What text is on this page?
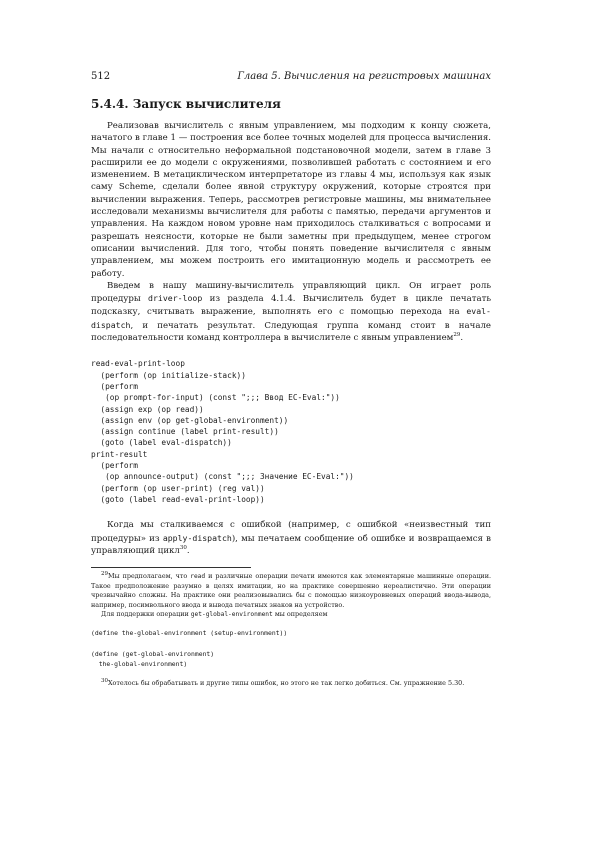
512	Глава 5. Вычисления на регистровых машинах
5.4.4. Запуск вычислителя

Реализовав вычислитель с явным управлением, мы подходим к концу сюжета, начатого в главе 1 — построения все более точных моделей для процесса вычисления. Мы начали с относительно неформальной подстановочной модели, затем в главе 3 расширили ее до модели с окружениями, позволившей работать с состоянием и его изменением. В метациклическом интерпретаторе из главы 4 мы, используя как язык саму Scheme, сделали более явной структуру окружений, которые строятся при вычислении выражения. Теперь, рассмотрев регистровые машины, мы внимательнее исследовали механизмы вычислителя для работы с памятью, передачи аргументов и управления. На каждом новом уровне нам приходилось сталкиваться с вопросами и разрешать неясности, которые не были заметны при предыдущем, менее строгом описании вычислений. Для того, чтобы понять поведение вычислителя с явным управлением, мы можем построить его имитационную модель и рассмотреть ее работу.

Введем в нашу машину-вычислитель управляющий цикл. Он играет роль процедуры driver-loop из раздела 4.1.4. Вычислитель будет в цикле печатать подсказку, считывать выражение, выполнять его с помощью перехода на eval-dispatch, и печатать результат. Следующая группа команд стоит в начале последовательности команд контроллера в вычислителе с явным управлением$^{29}$.

read-eval-print-loop
(perform (op initialize-stack))
(perform
(op prompt-for-input) (const ";;; Ввод EC-Eval:"))
(assign exp (op read))
(assign env (op get-global-environment))
(assign continue (label print-result))
(goto (label eval-dispatch))
print-result
(perform
(op announce-output) (const ";;; Значение EC-Eval:"))
(perform (op user-print) (reg val))
(goto (label read-eval-print-loop))

Когда мы сталкиваемся с ошибкой (например, с ошибкой «неизвестный тип процедуры» из apply-dispatch), мы печатаем сообщение об ошибке и возвращаемся в управляющий цикл$^{30}$.

$^{29}$Мы предполагаем, что read и различные операции печати имеются как элементарные машинные операции. Такое предположение разумно в целях имитации, но на практике совершенно нереалистично. Эти операции чрезвычайно сложны. На практике они реализовывались бы с помощью низкоуровневых операций ввода-вывода, например, посимвольного ввода и вывода печатных знаков на устройство.

Для поддержки операции get-global-environment мы определяем

(define the-global-environment (setup-environment))
(define (get-global-environment)
the-global-environment)

$^{30}$Хотелось бы обрабатывать и другие типы ошибок, но этого не так легко добиться. См. упражнение 5.30.
